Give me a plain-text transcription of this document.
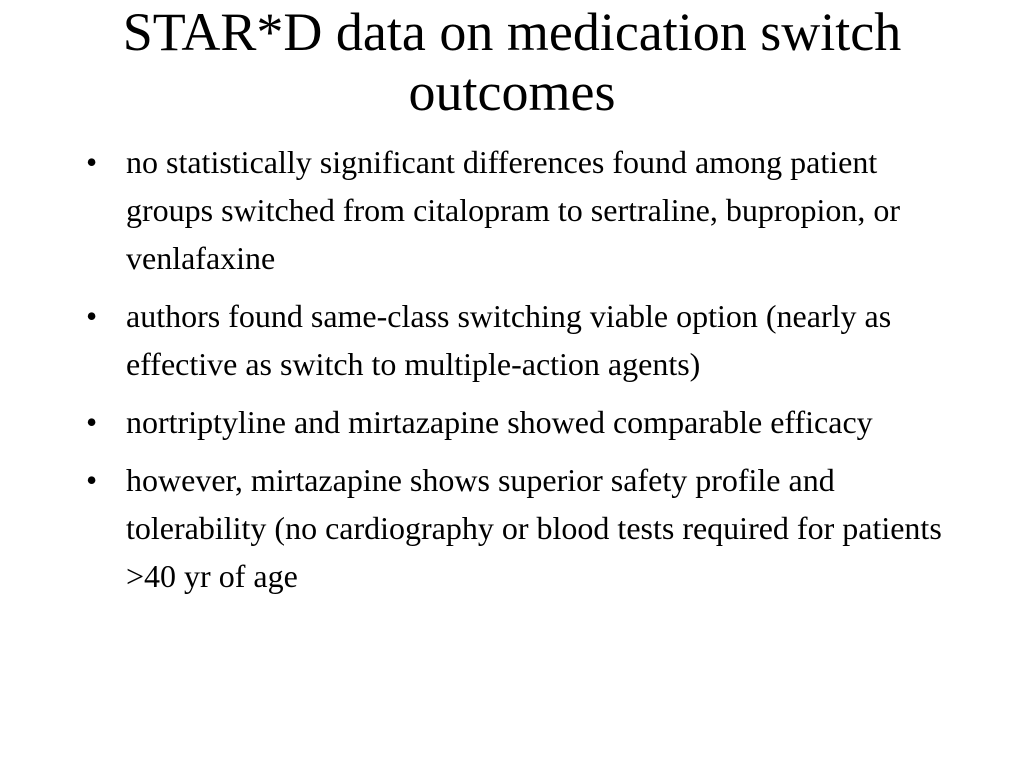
STAR*D data on medication switch outcomes
• no statistically significant differences found among patient groups switched from citalopram to sertraline, bupropion, or venlafaxine
• authors found same-class switching viable option (nearly as effective as switch to multiple-action agents)
• nortriptyline and mirtazapine showed comparable efficacy
• however, mirtazapine shows superior safety profile and tolerability (no cardiography or blood tests required for patients >40 yr of age
